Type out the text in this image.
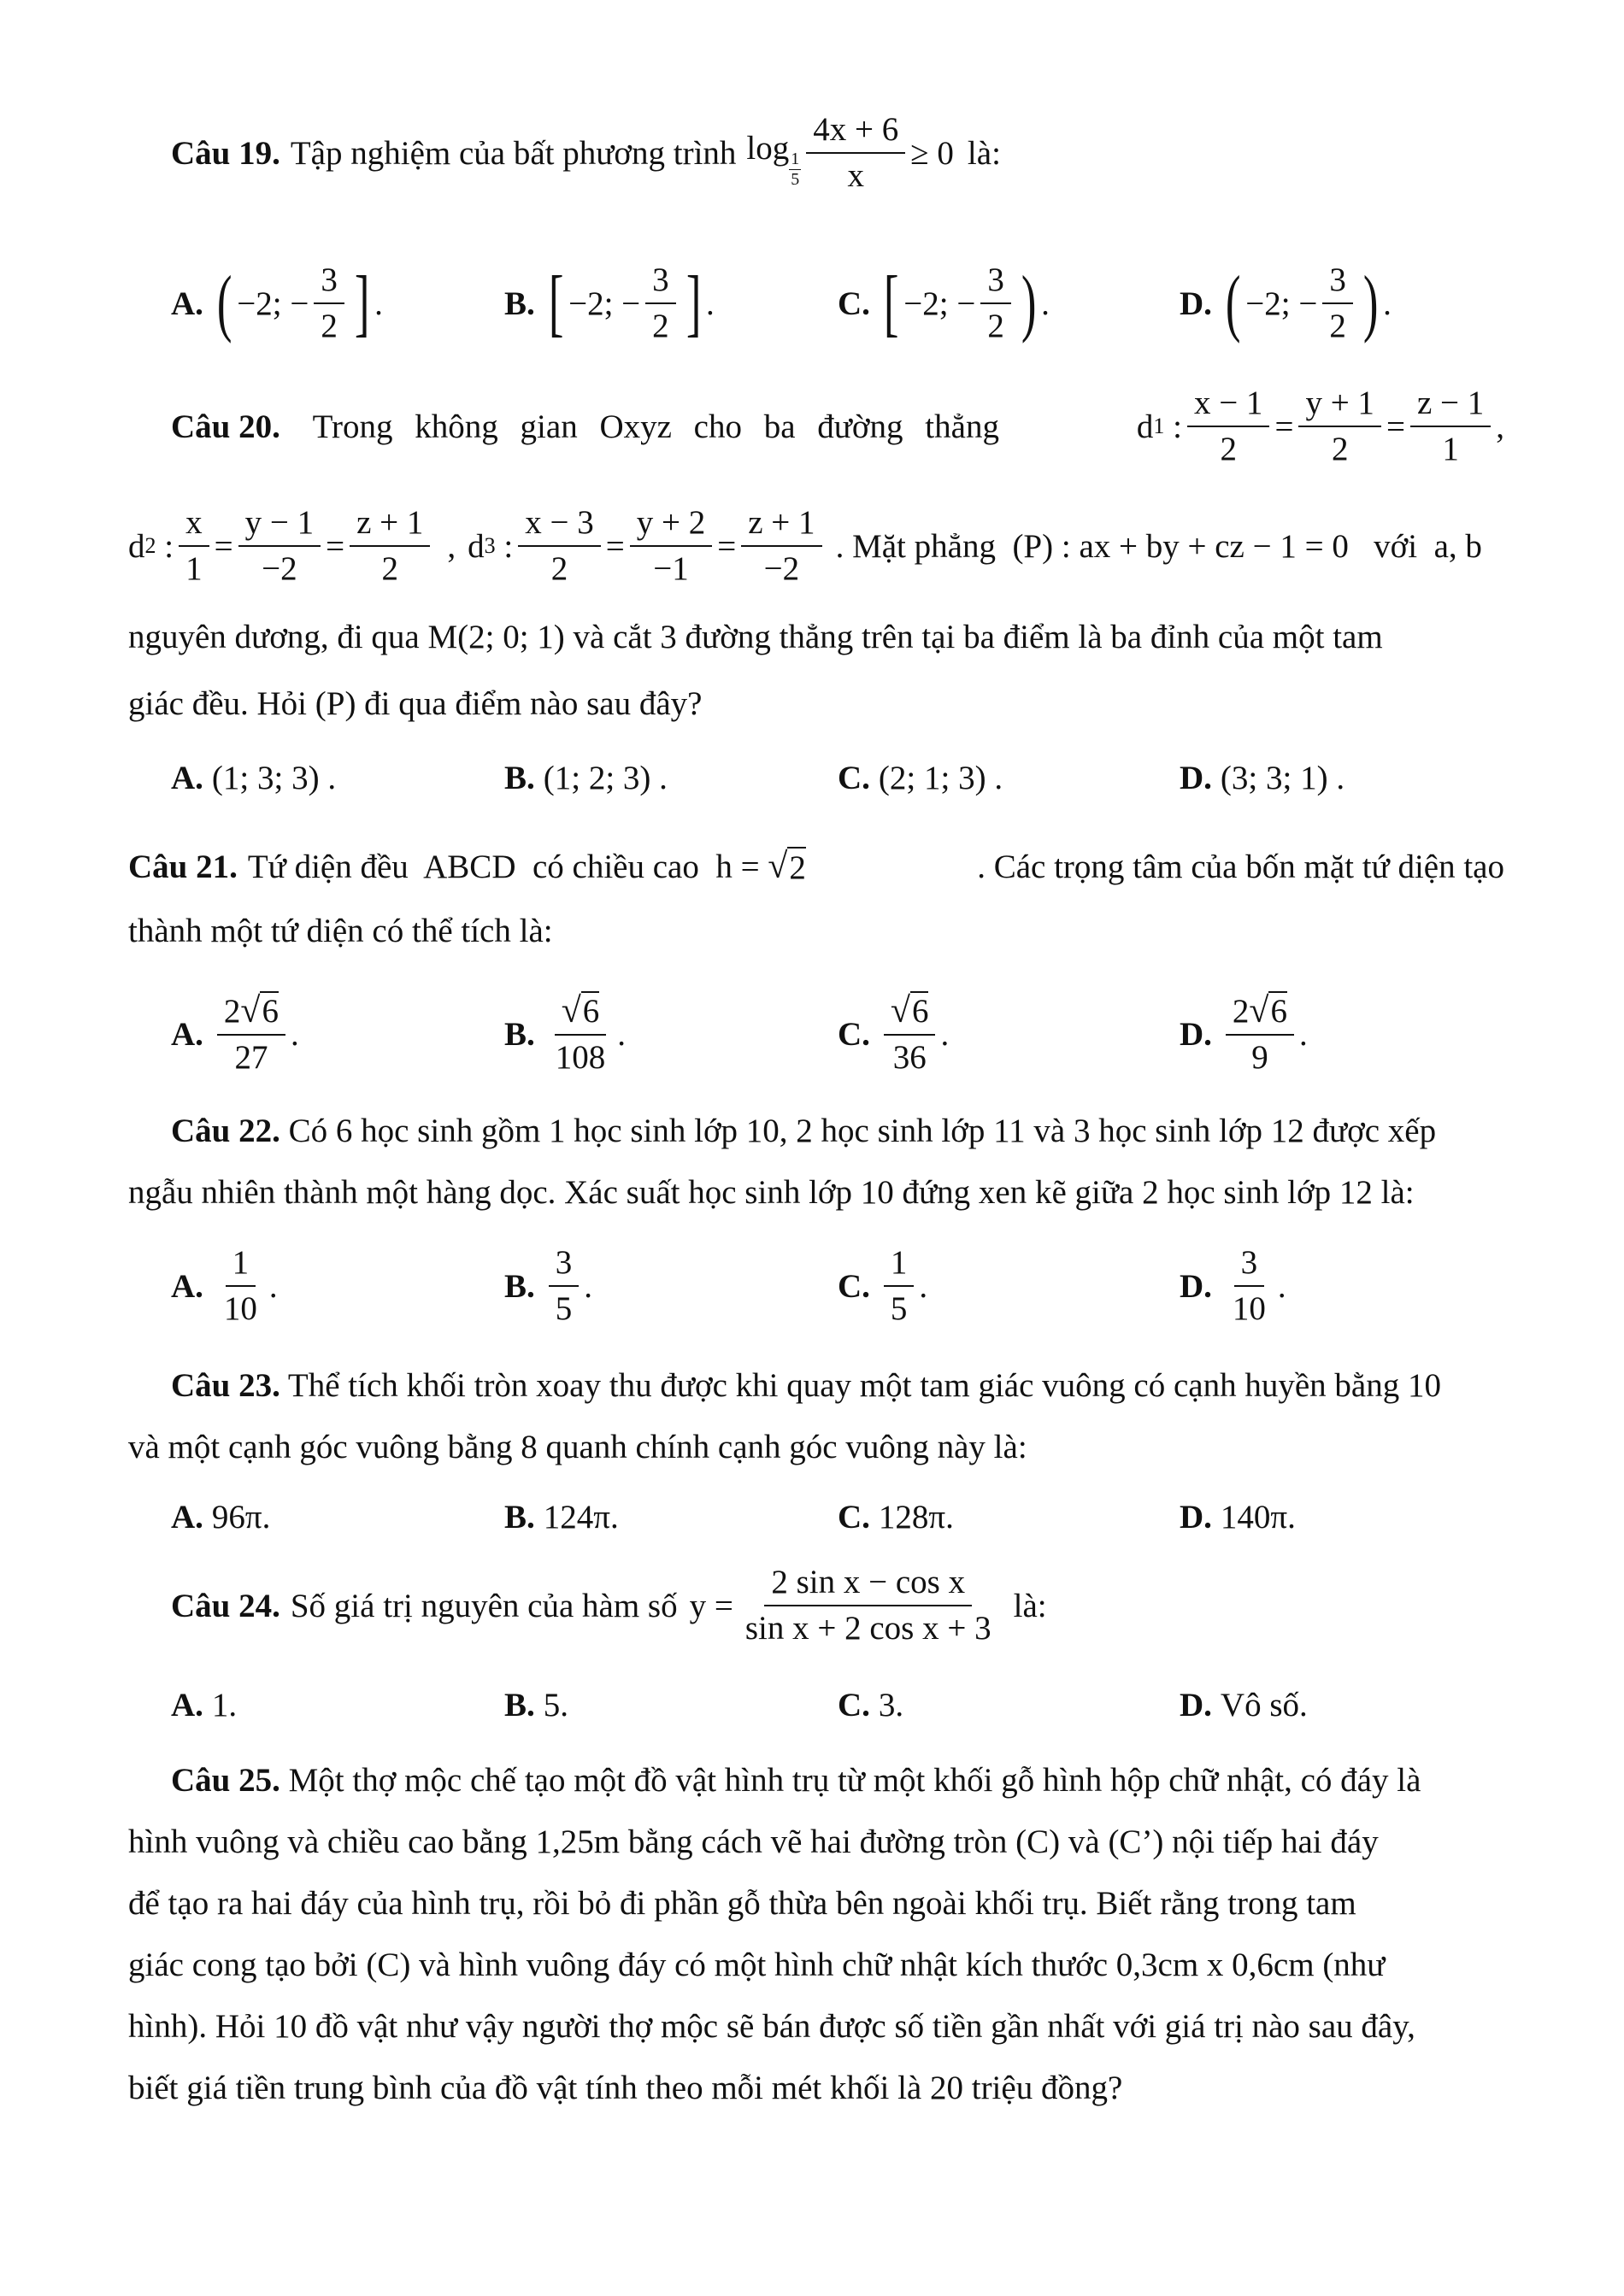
Câu 19. Tập nghiệm của bất phương trình log 1
$5 \frac{4x + 6}{x} \ge 0$ là:
A. ( −2; − $\frac{3}{2}$ ] .	B. [ −2; − $\frac{3}{2}$ ] .	C. [ −2; − $\frac{3}{2}$ ) .	D. ( −2; − $\frac{3}{2}$ ) .
Câu 20. Trong không gian Oxyz cho ba đường thẳng	d 1 : $\frac{x - 1}{2} = \frac{y + 1}{2} = \frac{z - 1}{1}$ ,
d 2 : $\frac{x}{1} = \frac{y - 1}{-2} = \frac{z + 1}{2}$ , d 3 : $\frac{x - 3}{2} = \frac{y + 2}{-1} = \frac{z + 1}{-2}$ . Mặt phẳng  (P) : ax + by + cz − 1 = 0   với  a, b
nguyên dương, đi qua M(2; 0; 1) và cắt 3 đường thẳng trên tại ba điểm là ba đỉnh của một tam
giác đều. Hỏi (P) đi qua điểm nào sau đây?
A. (1; 3; 3) .	B. (1; 2; 3) .	C. (2; 1; 3) .	D. (3; 3; 1) .
Câu 21. Tứ diện đều  ABCD  có chiều cao  h = √ 2	. Các trọng tâm của bốn mặt tứ diện tạo
thành một tứ diện có thể tích là:
A. $\frac{2√6}{27}$ .	B. $\frac{√6}{108}$ .	C. $\frac{√6}{36}$ .	D. $\frac{2√6}{9}$ .
Câu 22. Có 6 học sinh gồm 1 học sinh lớp 10, 2 học sinh lớp 11 và 3 học sinh lớp 12 được xếp
ngẫu nhiên thành một hàng dọc. Xác suất học sinh lớp 10 đứng xen kẽ giữa 2 học sinh lớp 12 là:
A. $\frac{1}{10}$ .	B. $\frac{3}{5}$ .	C. $\frac{1}{5}$ .	D. $\frac{3}{10}$ .
Câu 23. Thể tích khối tròn xoay thu được khi quay một tam giác vuông có cạnh huyền bằng 10
và một cạnh góc vuông bằng 8 quanh chính cạnh góc vuông này là:
A. 96π.	B. 124π.	C. 128π.	D. 140π.
Câu 24. Số giá trị nguyên của hàm số $y = \frac{\text{2 sin x − cos x}}{\text{sin x + 2 cos x + 3}}$ là:
A. 1.	B. 5.	C. 3.	D. Vô số.
Câu 25. Một thợ mộc chế tạo một đồ vật hình trụ từ một khối gỗ hình hộp chữ nhật, có đáy là
hình vuông và chiều cao bằng 1,25m bằng cách vẽ hai đường tròn (C) và (C’) nội tiếp hai đáy
để tạo ra hai đáy của hình trụ, rồi bỏ đi phần gỗ thừa bên ngoài khối trụ. Biết rằng trong tam
giác cong tạo bởi (C) và hình vuông đáy có một hình chữ nhật kích thước 0,3cm x 0,6cm (như
hình). Hỏi 10 đồ vật như vậy người thợ mộc sẽ bán được số tiền gần nhất với giá trị nào sau đây,
biết giá tiền trung bình của đồ vật tính theo mỗi mét khối là 20 triệu đồng?
